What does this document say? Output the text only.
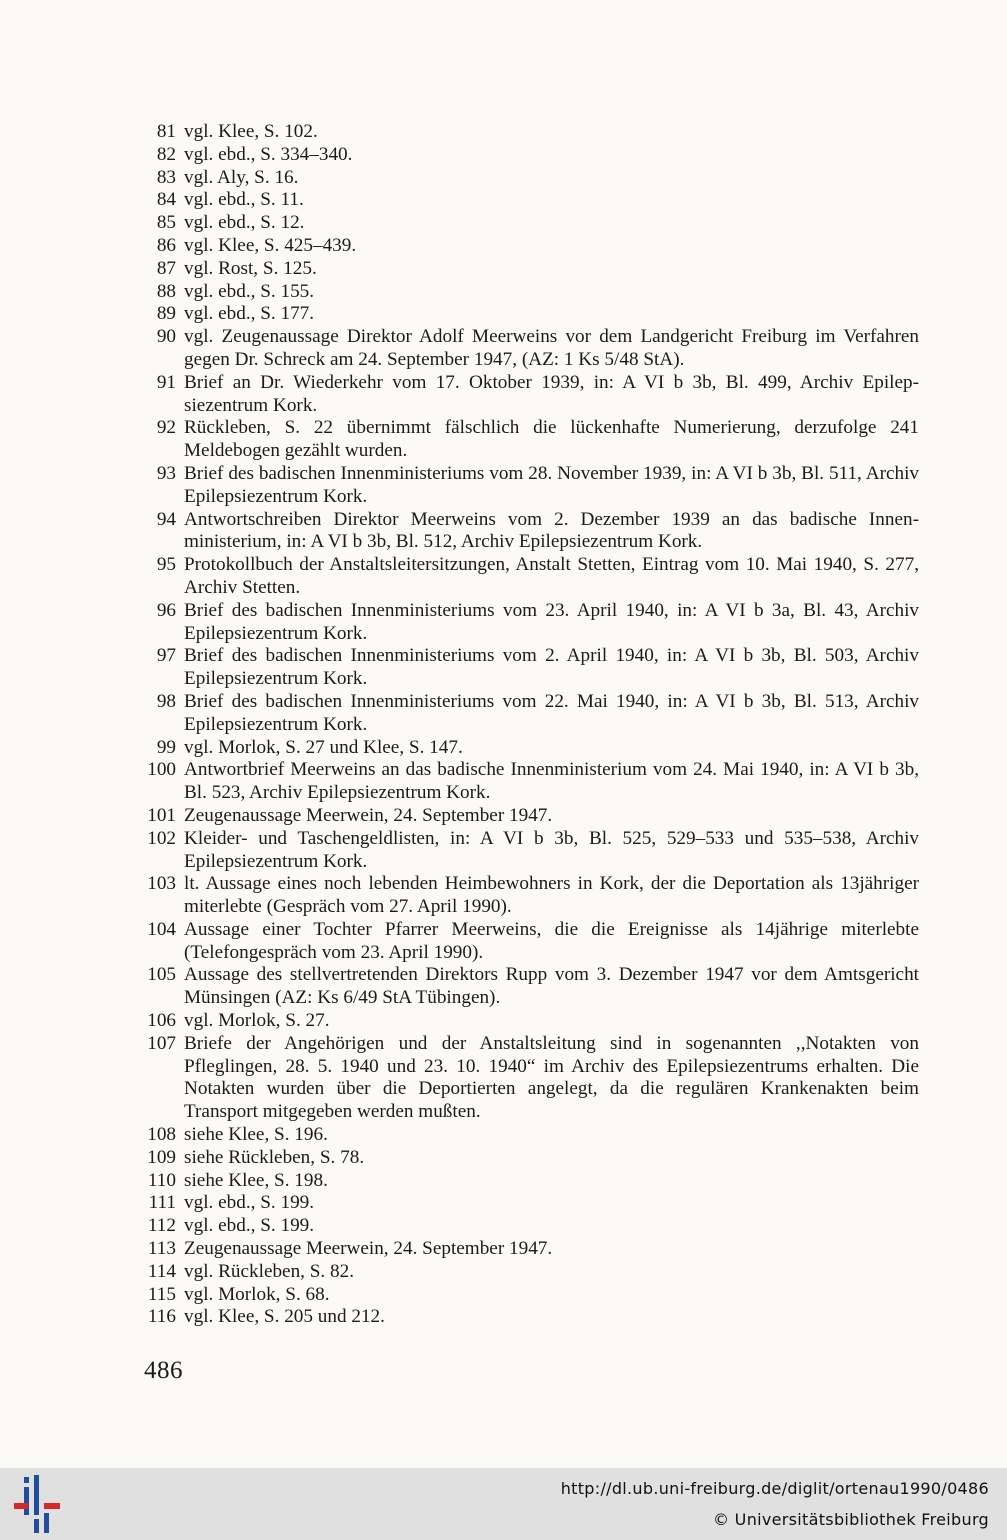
81 vgl. Klee, S. 102.
82 vgl. ebd., S. 334–340.
83 vgl. Aly, S. 16.
84 vgl. ebd., S. 11.
85 vgl. ebd., S. 12.
86 vgl. Klee, S. 425–439.
87 vgl. Rost, S. 125.
88 vgl. ebd., S. 155.
89 vgl. ebd., S. 177.
90 vgl. Zeugenaussage Direktor Adolf Meerweins vor dem Landgericht Freiburg im Verfahren gegen Dr. Schreck am 24. September 1947, (AZ: 1 Ks 5/48 StA).
91 Brief an Dr. Wiederkehr vom 17. Oktober 1939, in: A VI b 3b, Bl. 499, Archiv Epilepsiezentrum Kork.
92 Rückleben, S. 22 übernimmt fälschlich die lückenhafte Numerierung, derzufolge 241 Meldebogen gezählt wurden.
93 Brief des badischen Innenministeriums vom 28. November 1939, in: A VI b 3b, Bl. 511, Archiv Epilepsiezentrum Kork.
94 Antwortschreiben Direktor Meerweins vom 2. Dezember 1939 an das badische Innenministerium, in: A VI b 3b, Bl. 512, Archiv Epilepsiezentrum Kork.
95 Protokollbuch der Anstaltsleitersitzungen, Anstalt Stetten, Eintrag vom 10. Mai 1940, S. 277, Archiv Stetten.
96 Brief des badischen Innenministeriums vom 23. April 1940, in: A VI b 3a, Bl. 43, Archiv Epilepsiezentrum Kork.
97 Brief des badischen Innenministeriums vom 2. April 1940, in: A VI b 3b, Bl. 503, Archiv Epilepsiezentrum Kork.
98 Brief des badischen Innenministeriums vom 22. Mai 1940, in: A VI b 3b, Bl. 513, Archiv Epilepsiezentrum Kork.
99 vgl. Morlok, S. 27 und Klee, S. 147.
100 Antwortbrief Meerweins an das badische Innenministerium vom 24. Mai 1940, in: A VI b 3b, Bl. 523, Archiv Epilepsiezentrum Kork.
101 Zeugenaussage Meerwein, 24. September 1947.
102 Kleider- und Taschengeldlisten, in: A VI b 3b, Bl. 525, 529–533 und 535–538, Archiv Epilepsiezentrum Kork.
103 lt. Aussage eines noch lebenden Heimbewohners in Kork, der die Deportation als 13jähriger miterlebte (Gespräch vom 27. April 1990).
104 Aussage einer Tochter Pfarrer Meerweins, die die Ereignisse als 14jährige miterlebte (Telefongespräch vom 23. April 1990).
105 Aussage des stellvertretenden Direktors Rupp vom 3. Dezember 1947 vor dem Amtsgericht Münsingen (AZ: Ks 6/49 StA Tübingen).
106 vgl. Morlok, S. 27.
107 Briefe der Angehörigen und der Anstaltsleitung sind in sogenannten ,,Notakten von Pfleglingen, 28. 5. 1940 und 23. 10. 1940“ im Archiv des Epilepsiezentrums erhalten. Die Notakten wurden über die Deportierten angelegt, da die regulären Krankenakten beim Transport mitgegeben werden mußten.
108 siehe Klee, S. 196.
109 siehe Rückleben, S. 78.
110 siehe Klee, S. 198.
111 vgl. ebd., S. 199.
112 vgl. ebd., S. 199.
113 Zeugenaussage Meerwein, 24. September 1947.
114 vgl. Rückleben, S. 82.
115 vgl. Morlok, S. 68.
116 vgl. Klee, S. 205 und 212.
486
http://dl.ub.uni-freiburg.de/diglit/ortenau1990/0486
© Universitätsbibliothek Freiburg
